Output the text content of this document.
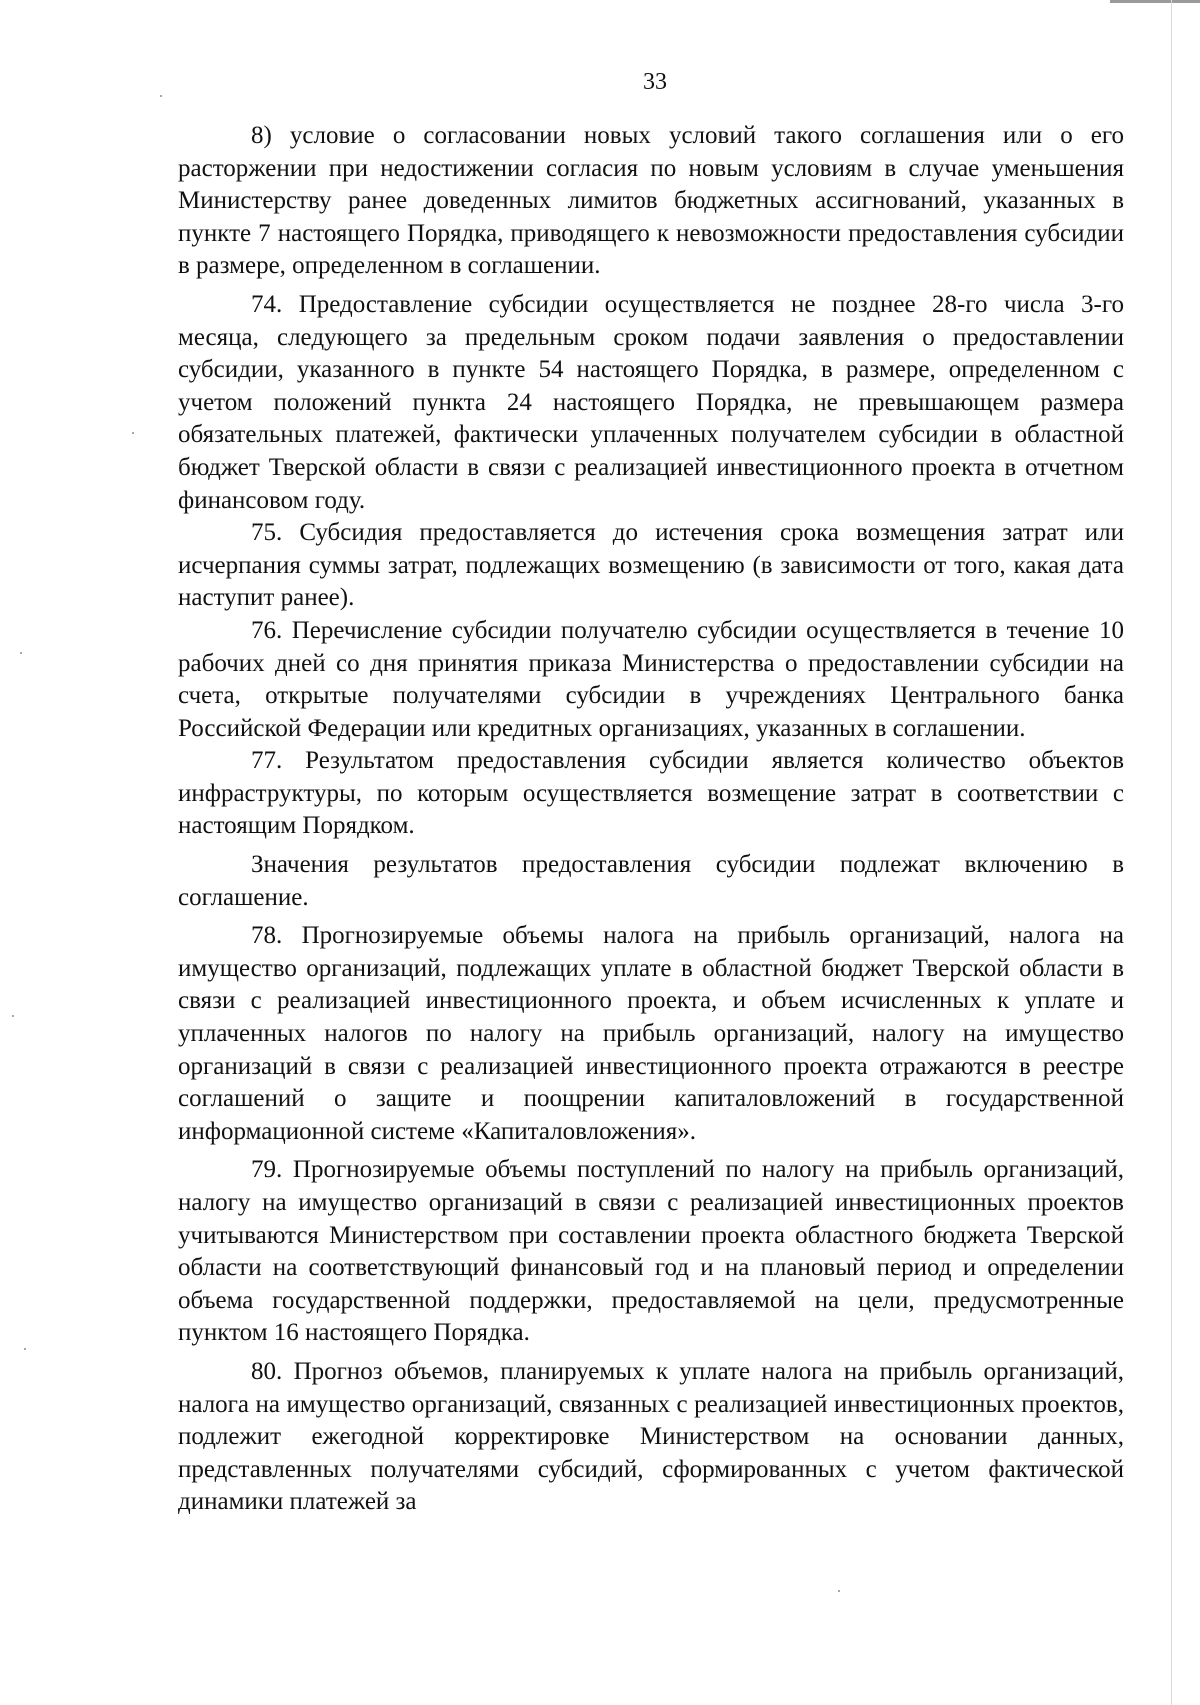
33

8) условие о согласовании новых условий такого соглашения или о его расторжении при недостижении согласия по новым условиям в случае уменьшения Министерству ранее доведенных лимитов бюджетных ассигнований, указанных в пункте 7 настоящего Порядка, приводящего к невозможности предоставления субсидии в размере, определенном в соглашении.

74. Предоставление субсидии осуществляется не позднее 28-го числа 3-го месяца, следующего за предельным сроком подачи заявления о предоставлении субсидии, указанного в пункте 54 настоящего Порядка, в размере, определенном с учетом положений пункта 24 настоящего Порядка, не превышающем размера обязательных платежей, фактически уплаченных получателем субсидии в областной бюджет Тверской области в связи с реализацией инвестиционного проекта в отчетном финансовом году.

75. Субсидия предоставляется до истечения срока возмещения затрат или исчерпания суммы затрат, подлежащих возмещению (в зависимости от того, какая дата наступит ранее).

76. Перечисление субсидии получателю субсидии осуществляется в течение 10 рабочих дней со дня принятия приказа Министерства о предоставлении субсидии на счета, открытые получателями субсидии в учреждениях Центрального банка Российской Федерации или кредитных организациях, указанных в соглашении.

77. Результатом предоставления субсидии является количество объектов инфраструктуры, по которым осуществляется возмещение затрат в соответствии с настоящим Порядком.

Значения результатов предоставления субсидии подлежат включению в соглашение.

78. Прогнозируемые объемы налога на прибыль организаций, налога на имущество организаций, подлежащих уплате в областной бюджет Тверской области в связи с реализацией инвестиционного проекта, и объем исчисленных к уплате и уплаченных налогов по налогу на прибыль организаций, налогу на имущество организаций в связи с реализацией инвестиционного проекта отражаются в реестре соглашений о защите и поощрении капиталовложений в государственной информационной системе «Капиталовложения».

79. Прогнозируемые объемы поступлений по налогу на прибыль организаций, налогу на имущество организаций в связи с реализацией инвестиционных проектов учитываются Министерством при составлении проекта областного бюджета Тверской области на соответствующий финансовый год и на плановый период и определении объема государственной поддержки, предоставляемой на цели, предусмотренные пунктом 16 настоящего Порядка.

80. Прогноз объемов, планируемых к уплате налога на прибыль организаций, налога на имущество организаций, связанных с реализацией инвестиционных проектов, подлежит ежегодной корректировке Министерством на основании данных, представленных получателями субсидий, сформированных с учетом фактической динамики платежей за
